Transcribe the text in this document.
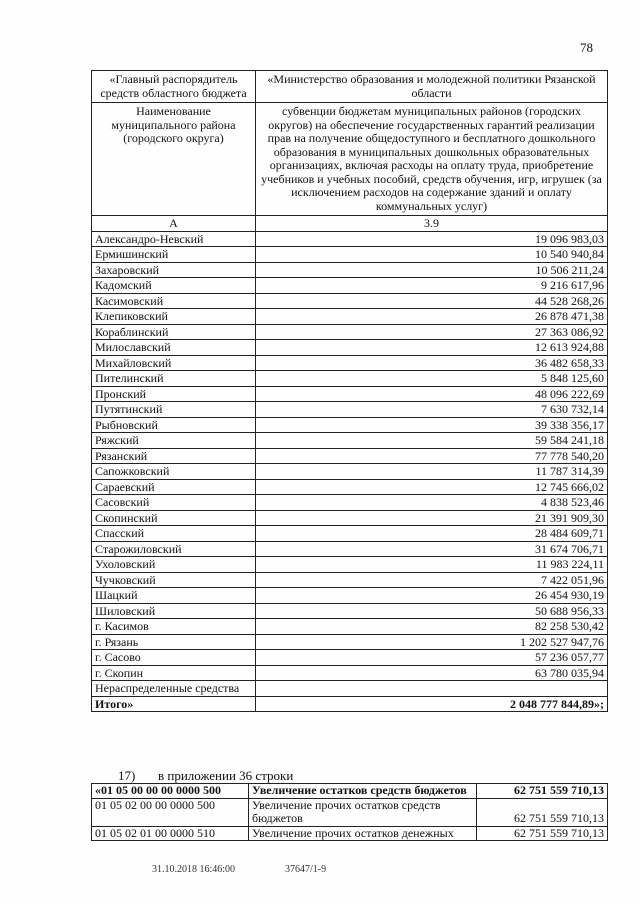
78
«Главный распорядитель средств областного бюджета	«Министерство образования и молодежной политики Рязанской области
Наименование муниципального района (городского округа)	субвенции бюджетам муниципальных районов (городских округов) на обеспечение государственных гарантий реализации прав на получение общедоступного и бесплатного дошкольного образования в муниципальных дошкольных образовательных организациях, включая расходы на оплату труда, приобретение учебников и учебных пособий, средств обучения, игр, игрушек (за исключением расходов на содержание зданий и оплату коммунальных услуг)
А	3.9
Александро-Невский	19 096 983,03
Ермишинский	10 540 940,84
Захаровский	10 506 211,24
Кадомский	9 216 617,96
Касимовский	44 528 268,26
Клепиковский	26 878 471,38
Кораблинский	27 363 086,92
Милославский	12 613 924,88
Михайловский	36 482 658,33
Пителинский	5 848 125,60
Пронский	48 096 222,69
Путятинский	7 630 732,14
Рыбновский	39 338 356,17
Ряжский	59 584 241,18
Рязанский	77 778 540,20
Сапожковский	11 787 314,39
Сараевский	12 745 666,02
Сасовский	4 838 523,46
Скопинский	21 391 909,30
Спасский	28 484 609,71
Старожиловский	31 674 706,71
Ухоловский	11 983 224,11
Чучковский	7 422 051,96
Шацкий	26 454 930,19
Шиловский	50 688 956,33
г. Касимов	82 258 530,42
г. Рязань	1 202 527 947,76
г. Сасово	57 236 057,77
г. Скопин	63 780 035,94
Нераспределенные средства	
Итого»	2 048 777 844,89»;
17) в приложении 36 строки
«01 05 00 00 00 0000 500	Увеличение остатков средств бюджетов	62 751 559 710,13
01 05 02 00 00 0000 500	Увеличение прочих остатков средств бюджетов	62 751 559 710,13
01 05 02 01 00 0000 510	Увеличение прочих остатков денежных	62 751 559 710,13
31.10.2018 16:46:00	37647/1-9
